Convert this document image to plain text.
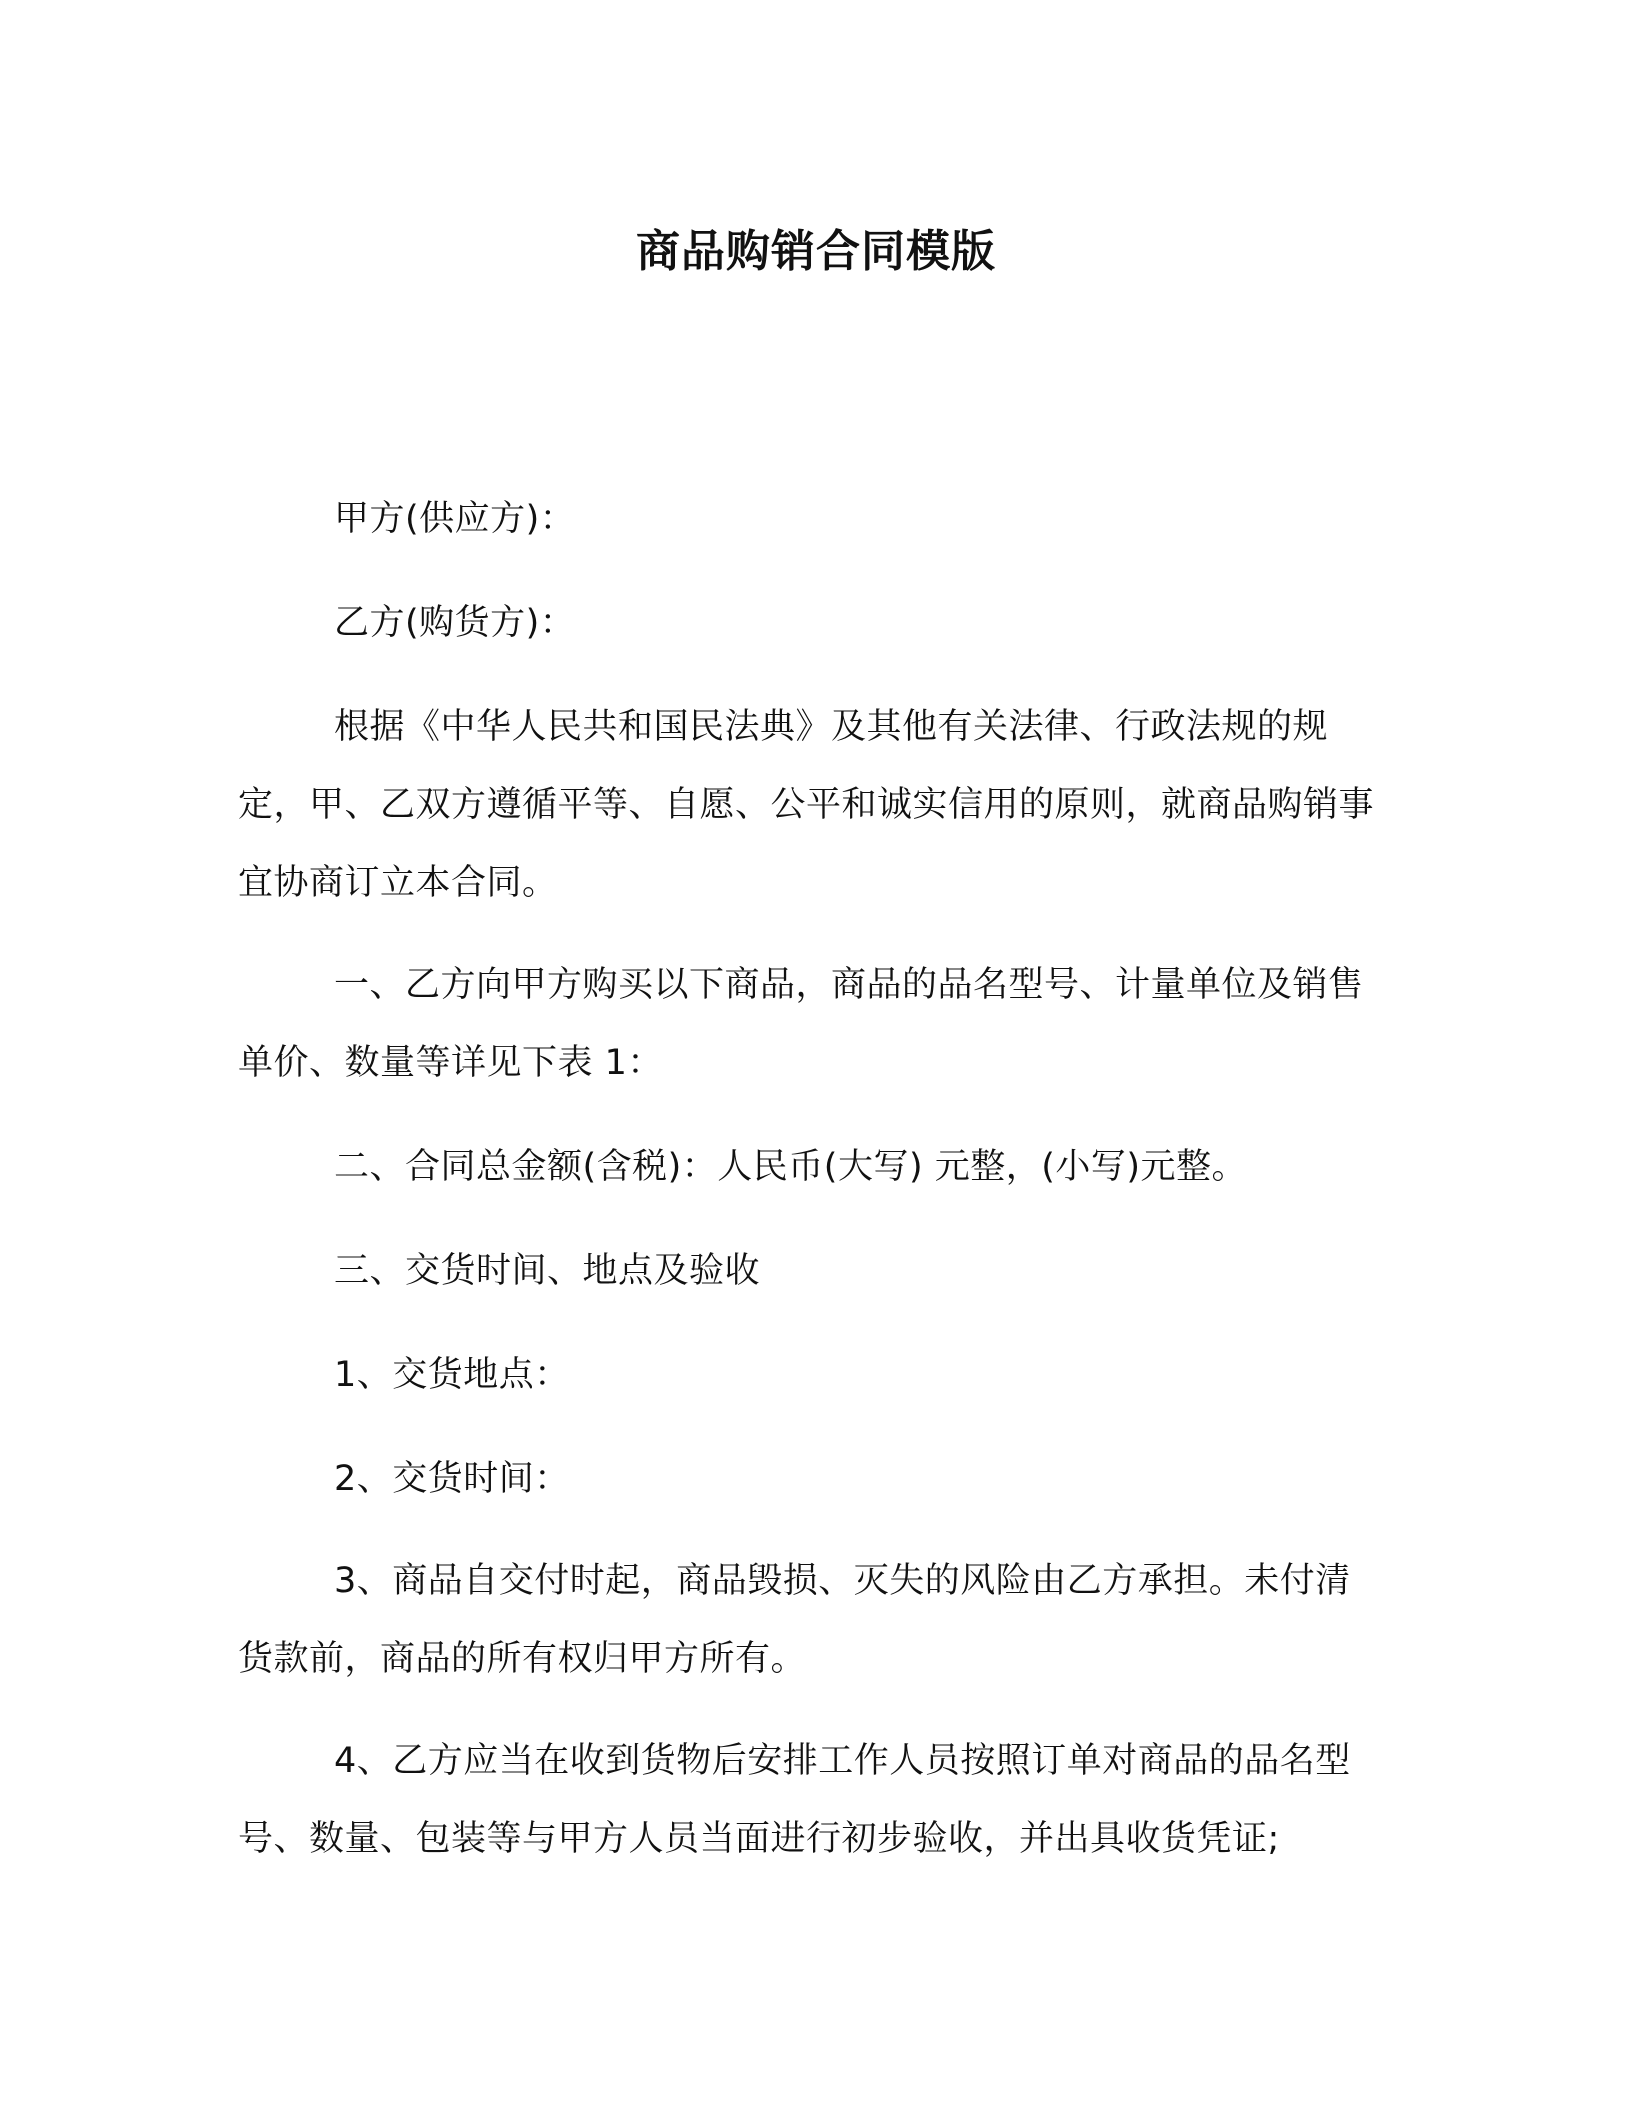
商品购销合同模版
甲方(供应方)：
乙方(购货方)：
根据《中华人民共和国民法典》及其他有关法律、行政法规的规定，甲、乙双方遵循平等、自愿、公平和诚实信用的原则，就商品购销事宜协商订立本合同。
一、乙方向甲方购买以下商品，商品的品名型号、计量单位及销售单价、数量等详见下表 1：
二、合同总金额(含税)：人民币(大写) 元整，(小写)元整。
三、交货时间、地点及验收
1、交货地点：
2、交货时间：
3、商品自交付时起，商品毁损、灭失的风险由乙方承担。未付清货款前，商品的所有权归甲方所有。
4、乙方应当在收到货物后安排工作人员按照订单对商品的品名型号、数量、包装等与甲方人员当面进行初步验收，并出具收货凭证;
